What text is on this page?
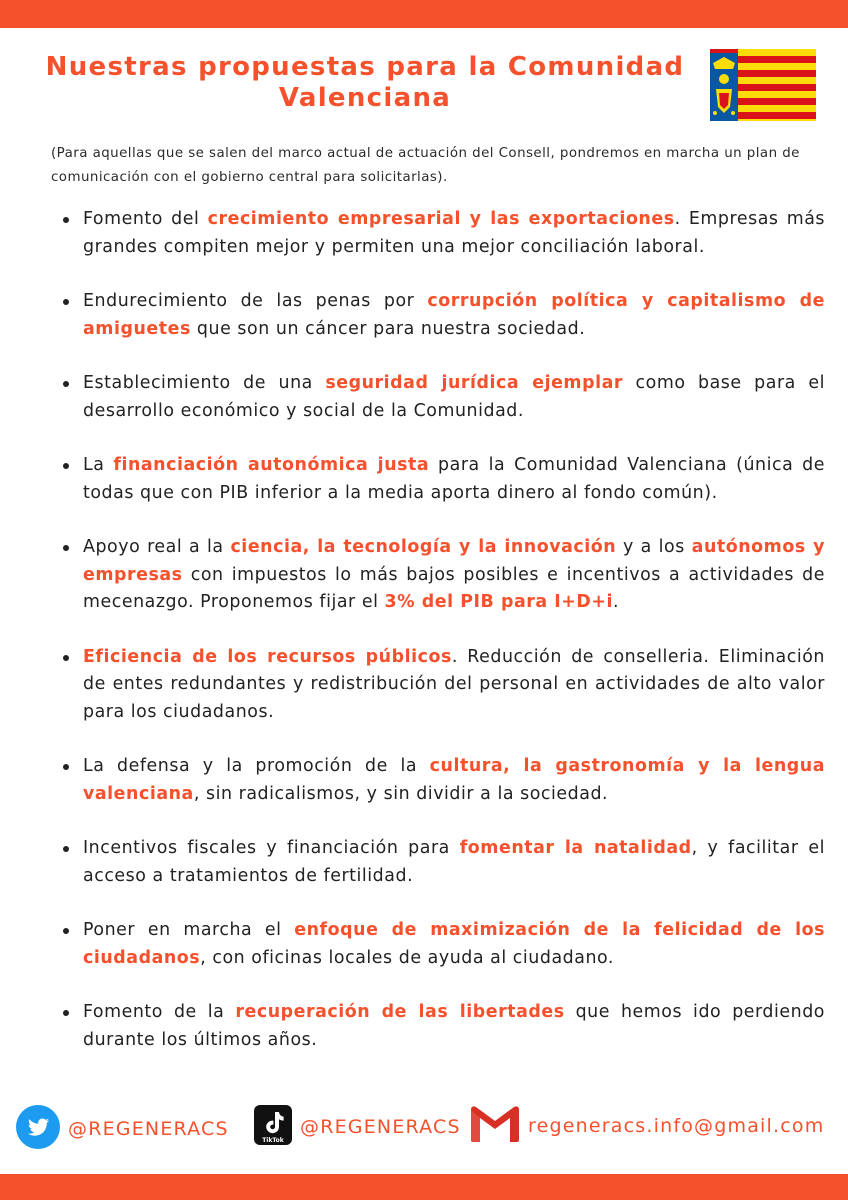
Nuestras propuestas para la Comunidad Valenciana
(Para aquellas que se salen del marco actual de actuación del Consell, pondremos en marcha un plan de comunicación con el gobierno central para solicitarlas).
Fomento del crecimiento empresarial y las exportaciones. Empresas más grandes compiten mejor y permiten una mejor conciliación laboral.
Endurecimiento de las penas por corrupción política y capitalismo de amiguetes que son un cáncer para nuestra sociedad.
Establecimiento de una seguridad jurídica ejemplar como base para el desarrollo económico y social de la Comunidad.
La financiación autonómica justa para la Comunidad Valenciana (única de todas que con PIB inferior a la media aporta dinero al fondo común).
Apoyo real a la ciencia, la tecnología y la innovación y a los autónomos y empresas con impuestos lo más bajos posibles e incentivos a actividades de mecenazgo. Proponemos fijar el 3% del PIB para I+D+i.
Eficiencia de los recursos públicos. Reducción de conselleria. Eliminación de entes redundantes y redistribución del personal en actividades de alto valor para los ciudadanos.
La defensa y la promoción de la cultura, la gastronomía y la lengua valenciana, sin radicalismos, y sin dividir a la sociedad.
Incentivos fiscales y financiación para fomentar la natalidad, y facilitar el acceso a tratamientos de fertilidad.
Poner en marcha el enfoque de maximización de la felicidad de los ciudadanos, con oficinas locales de ayuda al ciudadano.
Fomento de la recuperación de las libertades que hemos ido perdiendo durante los últimos años.
@REGENERACS
TikTok
@REGENERACS	regeneracs.info@gmail.com
